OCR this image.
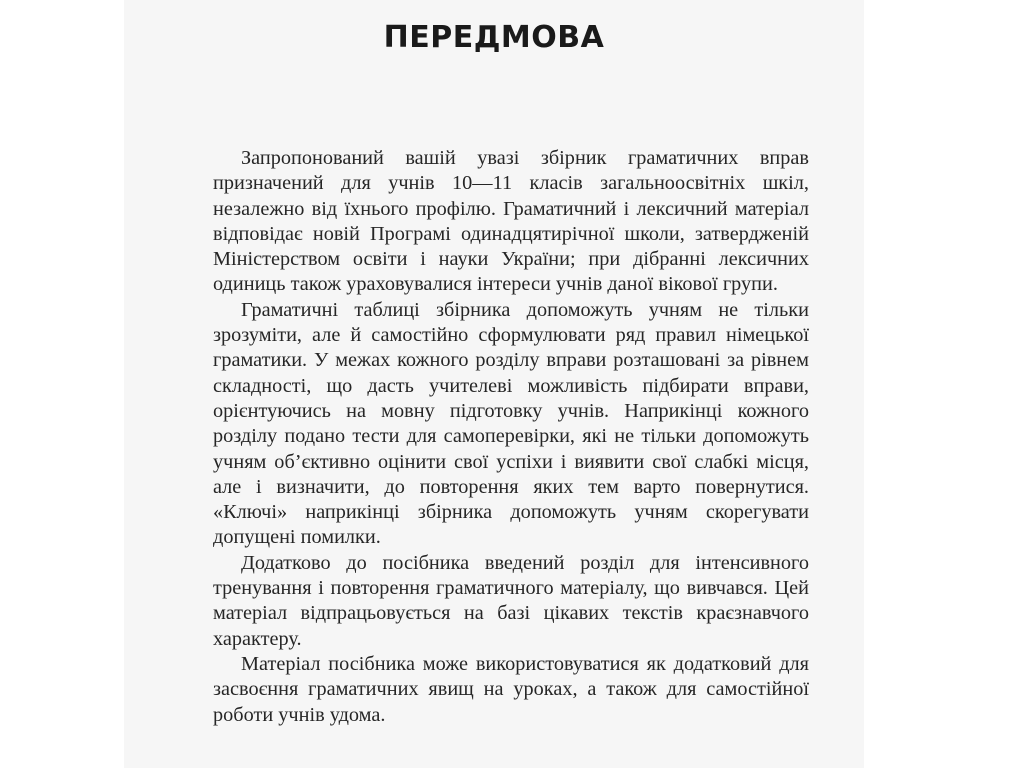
ПЕРЕДМОВА

Запропонований вашій увазі збірник граматичних вправ призначений для учнів 10—11 класів загальноосвітніх шкіл, незалежно від їхнього профілю. Граматичний і лексичний матеріал відповідає новій Програмі одинадцятирічної школи, затвердженій Міністерством освіти і науки України; при дібранні лексичних одиниць також ураховувалися інтереси учнів даної вікової групи.

Граматичні таблиці збірника допоможуть учням не тільки зрозуміти, але й самостійно сформулювати ряд правил німецької граматики. У межах кожного розділу вправи розташовані за рівнем складності, що дасть учителеві можливість підбирати вправи, орієнтуючись на мовну підготовку учнів. Наприкінці кожного розділу подано тести для самоперевірки, які не тільки допоможуть учням об’єктивно оцінити свої успіхи і виявити свої слабкі місця, але і визначити, до повторення яких тем варто повернутися. «Ключі» наприкінці збірника допоможуть учням скорегувати допущені помилки.

Додатково до посібника введений розділ для інтенсивного тренування і повторення граматичного матеріалу, що вивчався. Цей матеріал відпрацьовується на базі цікавих текстів краєзнавчого характеру.

Матеріал посібника може використовуватися як додатковий для засвоєння граматичних явищ на уроках, а також для самостійної роботи учнів удома.
